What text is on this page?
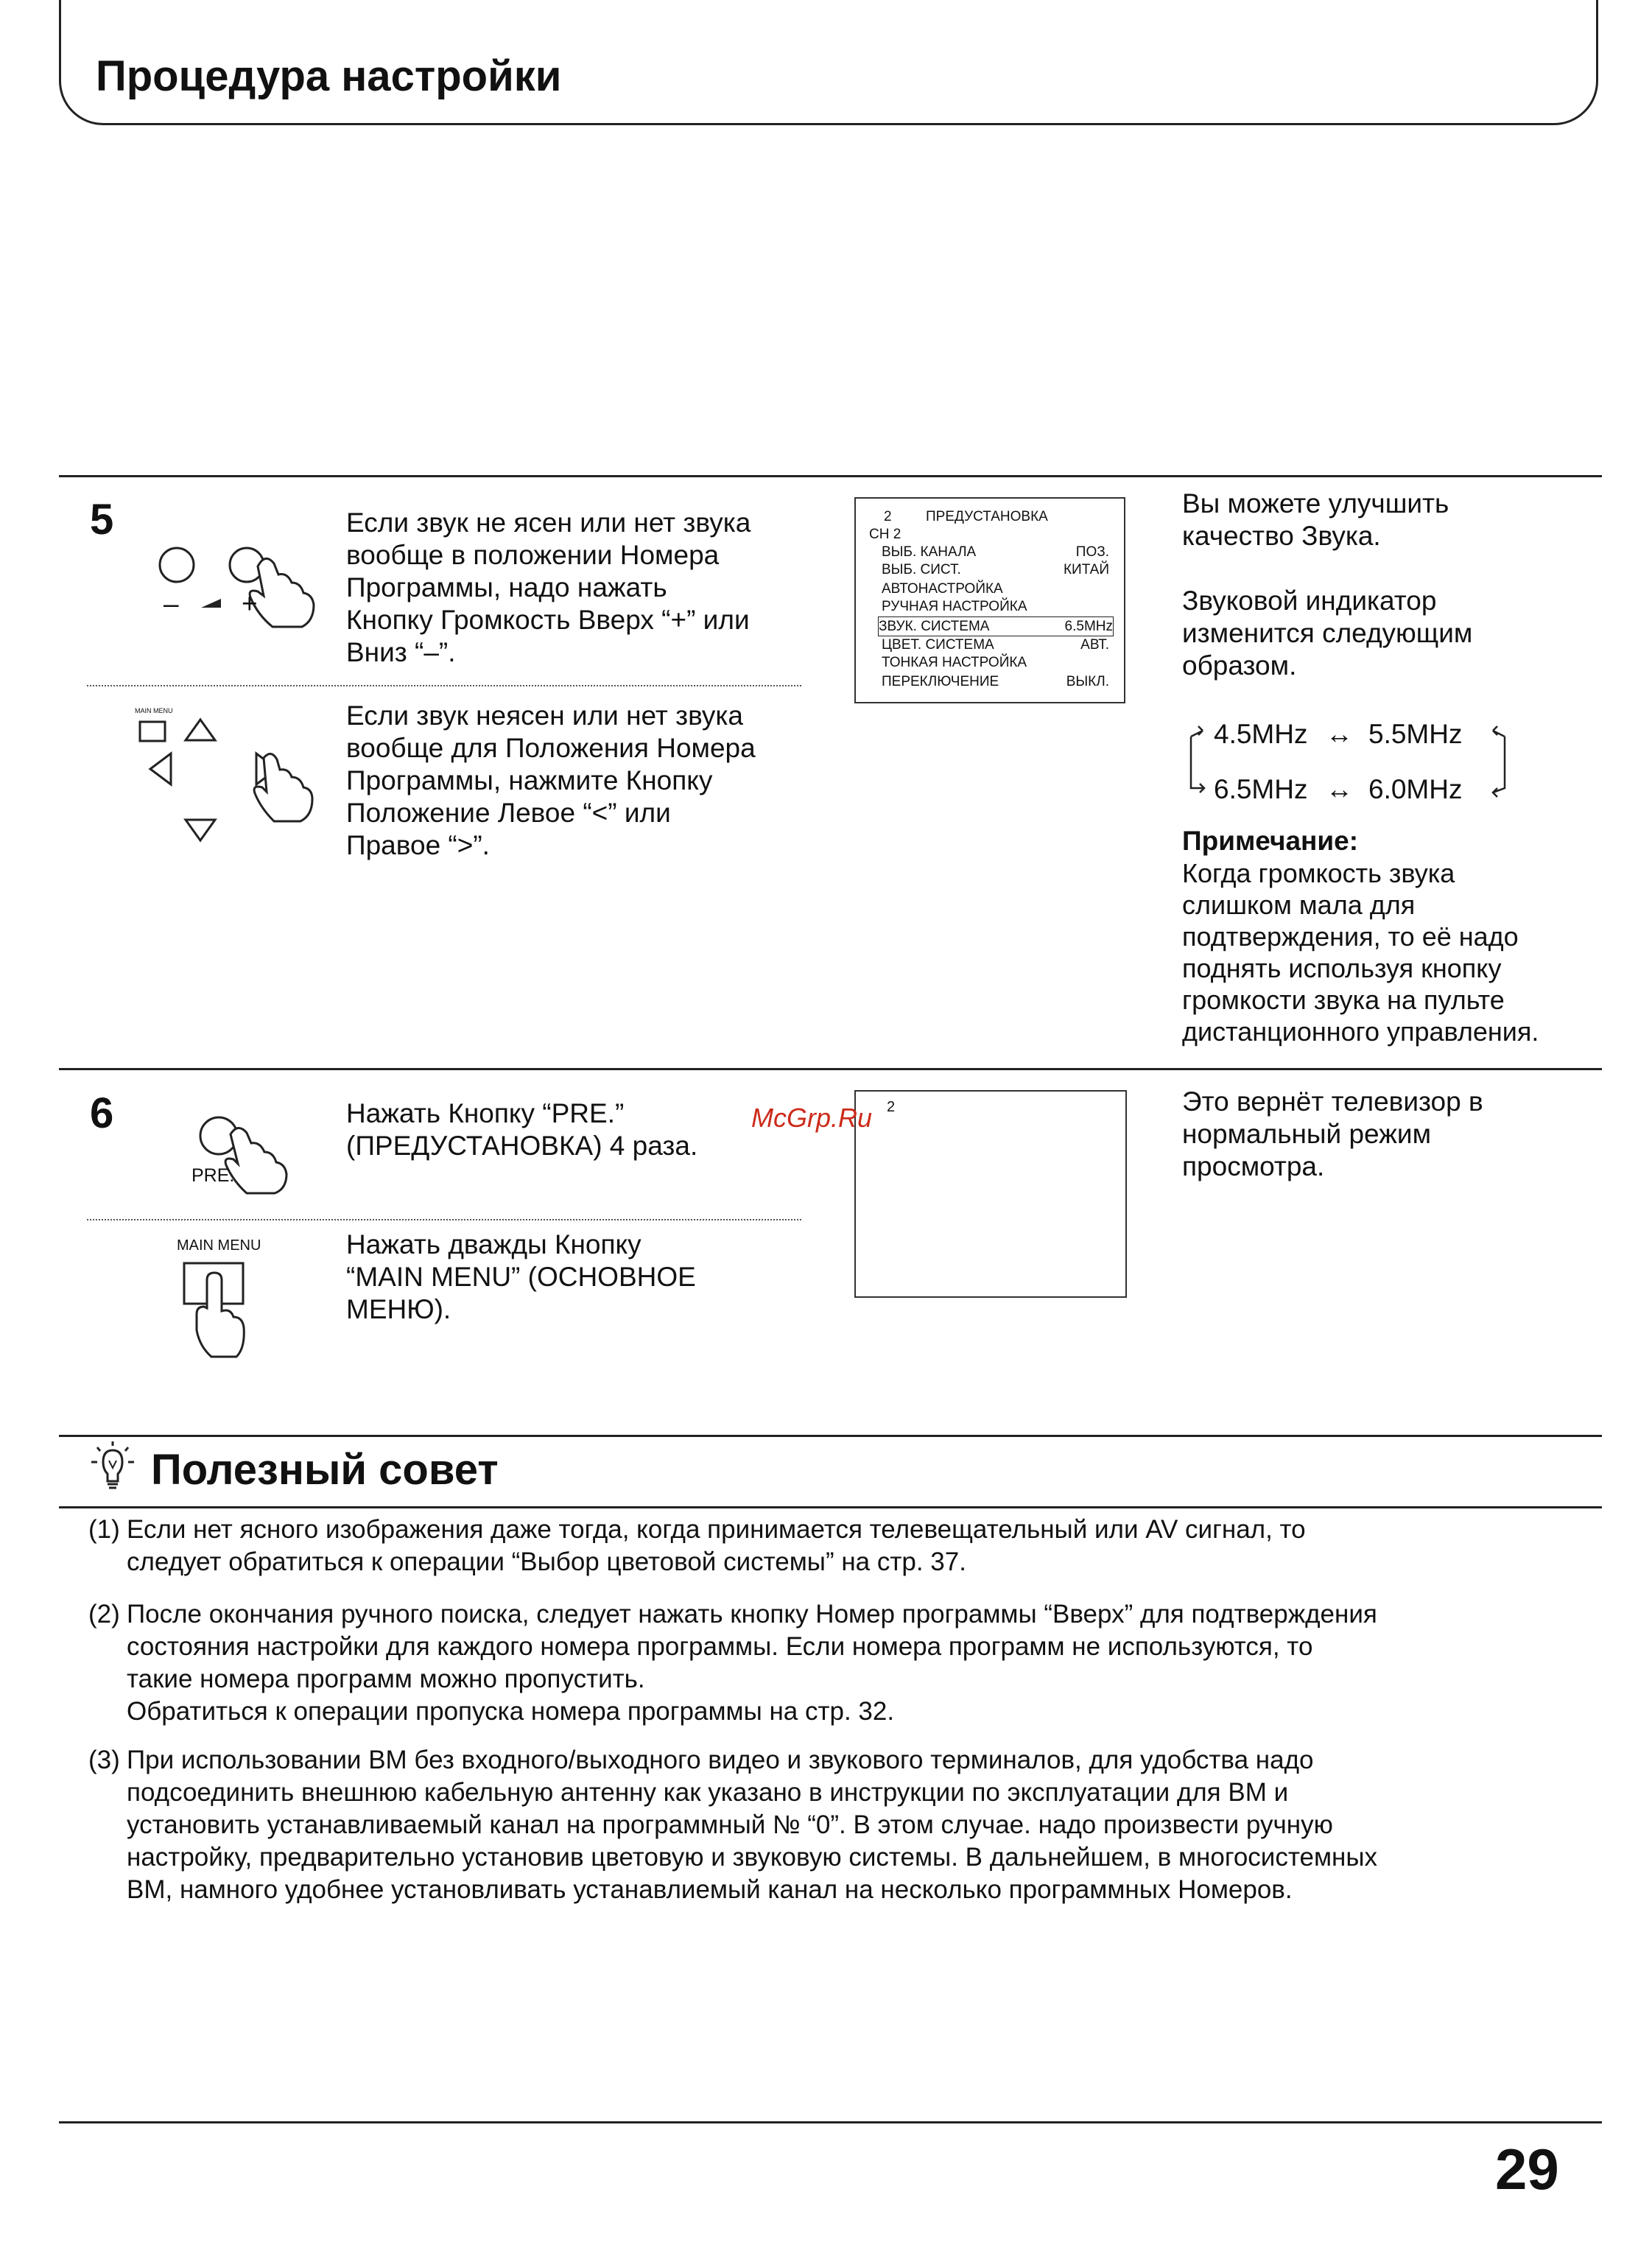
Процедура настройки
5
– +
Если звук не ясен или нет звука
вообще в положении Номера
Программы, надо нажать
Кнопку Громкость Вверх “+” или
Вниз “–”.
MAIN MENU	Если звук неясен или нет звука
вообще для Положения Номера
Программы, нажмите Кнопку
Положение Левое “<” или
Правое “>”.
2 ПРЕДУСТАНОВКА
CH 2
ВЫБ. КАНАЛА	ПОЗ.
ВЫБ. СИСТ.	КИТАЙ
АВТОНАСТРОЙКА
РУЧНАЯ НАСТРОЙКА
ЗВУК. СИСТЕМА	6.5MHz
ЦВЕТ. СИСТЕМА	АВТ.
ТОНКАЯ НАСТРОЙКА
ПЕРЕКЛЮЧЕНИЕ	ВЫКЛ.
Вы можете улучшить
качество Звука.
Звуковой индикатор
изменится следующим
образом.
4.5MHz ↔ 5.5MHz
6.5MHz ↔ 6.0MHz
Примечание:
Когда громкость звука
слишком мала для
подтверждения, то её надо
поднять используя кнопку
громкости звука на пульте
дистанционного управления.
6
PRE.
Нажать Кнопку “PRE.”
(ПРЕДУСТАНОВКА) 4 раза.
MAIN MENU	Нажать дважды Кнопку
“MAIN MENU” (ОСНОВНОЕ
МЕНЮ).
2
McGrp.Ru
Это вернёт телевизор в
нормальный режим
просмотра.
Полезный совет
(1) Если нет ясного изображения даже тогда, когда принимается телевещательный или AV сигнал, то
следует обратиться к операции “Выбор цветовой системы” на стр. 37.
(2) После окончания ручного поиска, следует нажать кнопку Номер программы “Вверх” для подтверждения
состояния настройки для каждого номера программы. Если номера программ не используются, то
такие номера программ можно пропустить.
Обратиться к операции пропуска номера программы на стр. 32.
(3) При использовании ВМ без входного/выходного видео и звукового терминалов, для удобства надо
подсоединить внешнюю кабельную антенну как указано в инструкции по эксплуатации для ВМ и
установить устанавливаемый канал на программный № “0”. В этом случае. надо произвести ручную
настройку, предварительно установив цветовую и звуковую системы. В дальнейшем, в многосистемных
ВМ, намного удобнее установливать устанавлиемый канал на несколько программных Номеров.
29
